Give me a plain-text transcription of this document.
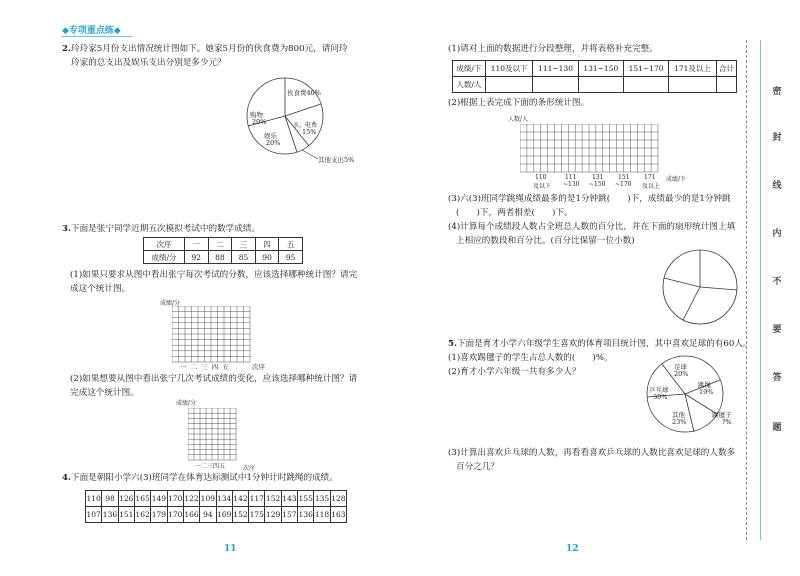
◆专项重点练◆
2.玲玲家5月份支出情况统计图如下。她家5月份的伙食费为800元，请问玲
玲家的总支出及娱乐支出分别是多少元？
伙食费40%
购物
20%
娱乐
20%
水、电费
15%
其他支出5%
3.下面是张宁同学近期五次模拟考试中的数学成绩。
次序	一	二	三	四	五
成绩/分	92	88	85	90	95
(1)如果只要求从图中看出张宁每次考试的分数，应该选择哪种统计图？请完
成这个统计图。
成绩/分
一 二 三 四 五	次序
(2)如果想要从图中看出张宁几次考试成绩的变化，应该选择哪种统计图？请
完成这个统计图。
成绩/分
一二三四五	次序
4.下面是朝阳小学六(3)班同学在体育达标测试中1分钟计时跳绳的成绩。
110	98	126	165	149	170	122	109	134	142	117	152	143	155	135	128
107	136	151	162	179	170	166	94	169	152	175	129	157	136	118	163
11
(1)请对上面的数据进行分段整理，并将表格补充完整。
成绩/下	110及以下	111~130	131~150	151~170	171及以上	合计
人数/人						
(2)根据上表完成下面的条形统计图。
人数/人
成绩/下
110	111	131 151 171
及以下 ~130 ~150 ~170 及以上
(3)六(3)班同学跳绳成绩最多的是1分钟跳(　　)下，成绩最少的是1分钟跳
(　　)下，两者相差(　　)下。
(4)计算每个成绩段人数占全班总人数的百分比，并在下面的扇形统计图上填
上相应的数段和百分比。(百分比保留一位小数)
5.下面是育才小学六年级学生喜欢的体育项目统计图，其中喜欢足球的有60人。
(1)喜欢踢毽子的学生占总人数的(　　)%。
(2)育才小学六年级一共有多少人？	足球
20%
跳绳
19%
乒乓球
30%
其他
23%
踢毽子
?%
(3)计算出喜欢乒乓球的人数，再看看喜欢乒乓球的人数比喜欢足球的人数多
百分之几？
12
密
封
线
内
不
要
答
题
